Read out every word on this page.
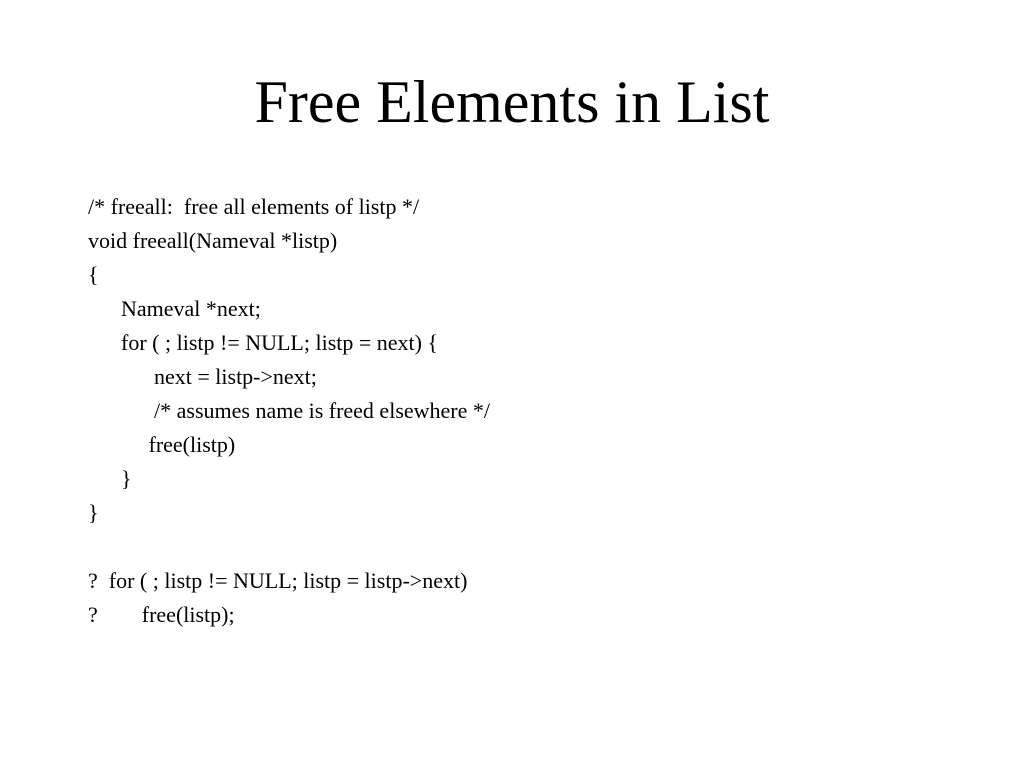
Free Elements in List
/* freeall:  free all elements of listp */
void freeall(Nameval *listp)
{
Nameval *next;
for ( ; listp != NULL; listp = next) {
next = listp->next;
/* assumes name is freed elsewhere */
free(listp)
}
}
?  for ( ; listp != NULL; listp = listp->next)
?        free(listp);
